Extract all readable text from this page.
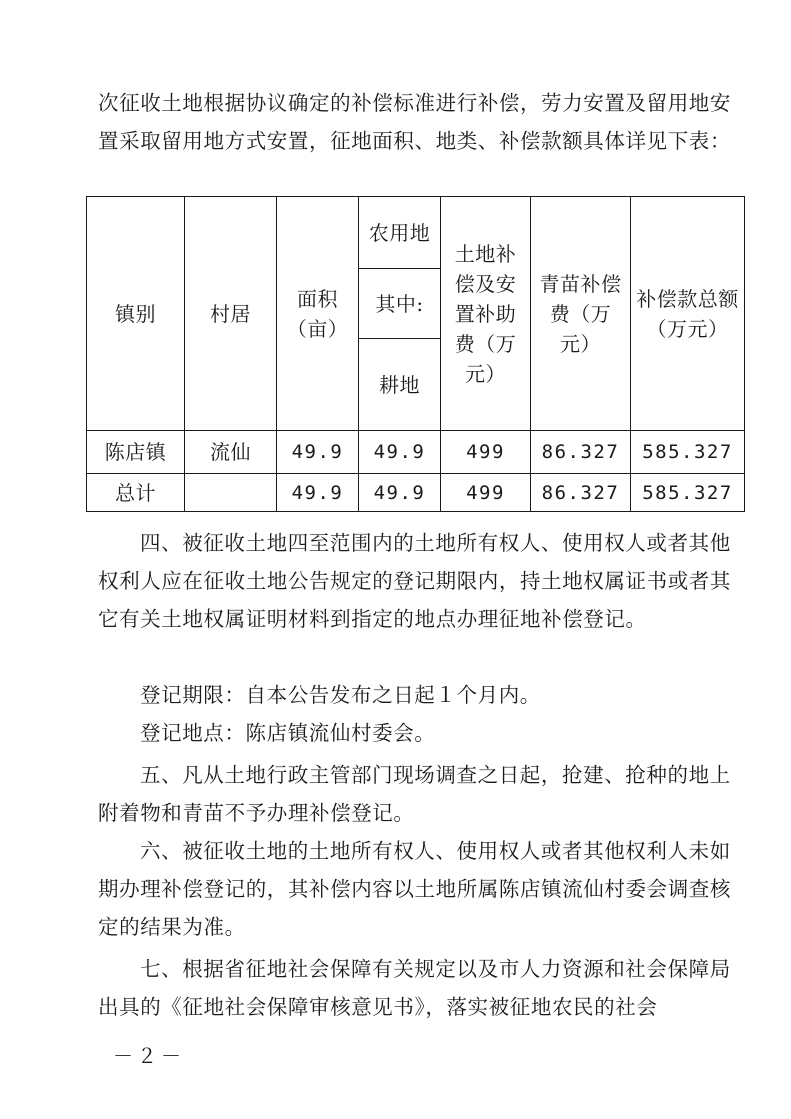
次征收土地根据协议确定的补偿标准进行补偿，劳力安置及留用地安置采取留用地方式安置，征地面积、地类、补偿款额具体详见下表：

镇别	村居	面积（亩）	农用地	土地补偿及安置补助费（万元）	青苗补偿费（万元）	补偿款总额（万元）
			其中:			
			耕地			
陈店镇	流仙	49.9	49.9	499	86.327	585.327
总计		49.9	49.9	499	86.327	585.327

四、被征收土地四至范围内的土地所有权人、使用权人或者其他权利人应在征收土地公告规定的登记期限内，持土地权属证书或者其它有关土地权属证明材料到指定的地点办理征地补偿登记。

登记期限：自本公告发布之日起１个月内。

登记地点：陈店镇流仙村委会。

五、凡从土地行政主管部门现场调查之日起，抢建、抢种的地上附着物和青苗不予办理补偿登记。

六、被征收土地的土地所有权人、使用权人或者其他权利人未如期办理补偿登记的，其补偿内容以土地所属陈店镇流仙村委会调查核定的结果为准。

七、根据省征地社会保障有关规定以及市人力资源和社会保障局出具的《征地社会保障审核意见书》，落实被征地农民的社会

－２－
